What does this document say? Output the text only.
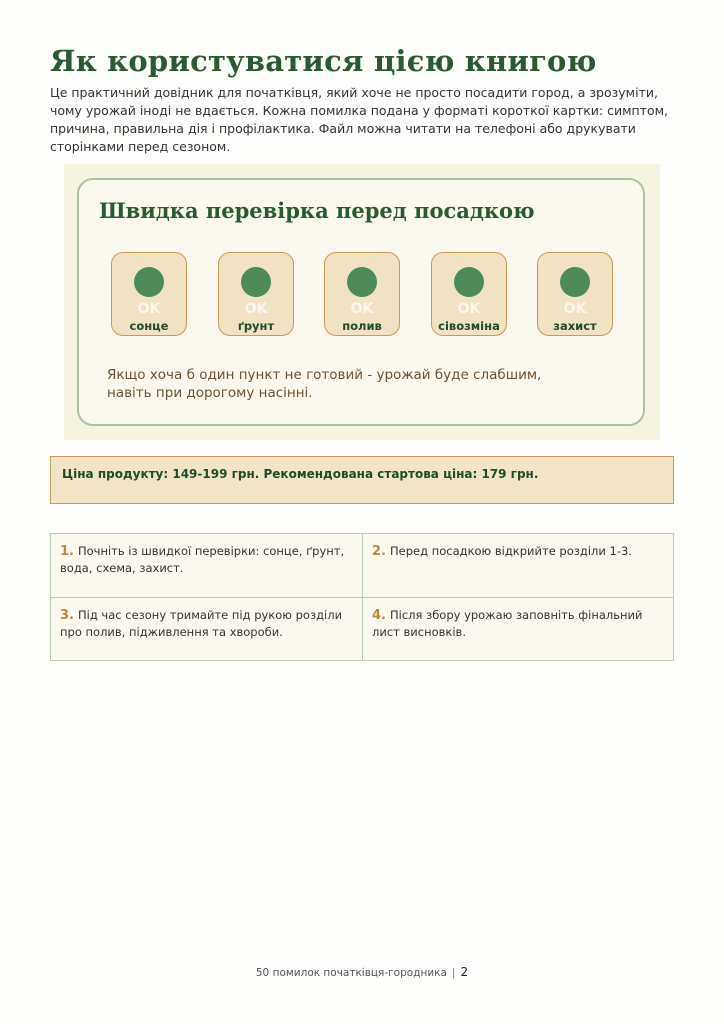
Як користуватися цією книгою

Це практичний довідник для початківця, який хоче не просто посадити город, а зрозуміти, чому урожай іноді не вдається. Кожна помилка подана у форматі короткої картки: симптом, причина, правильна дія і профілактика. Файл можна читати на телефоні або друкувати сторінками перед сезоном.

Швидка перевірка перед посадкою
OK
сонце
OK
ґрунт
OK
полив
OK
сівозміна
OK
захист

Якщо хоча б один пункт не готовий - урожай буде слабшим, навіть при дорогому насінні.

Ціна продукту: 149-199 грн. Рекомендована стартова ціна: 179 грн.

1. Почніть із швидкої перевірки: сонце, ґрунт, вода, схема, захист.
2. Перед посадкою відкрийте розділи 1-3.
3. Під час сезону тримайте під рукою розділи про полив, підживлення та хвороби.
4. Після збору урожаю заповніть фінальний лист висновків.
50 помилок початківця-городника | 2
